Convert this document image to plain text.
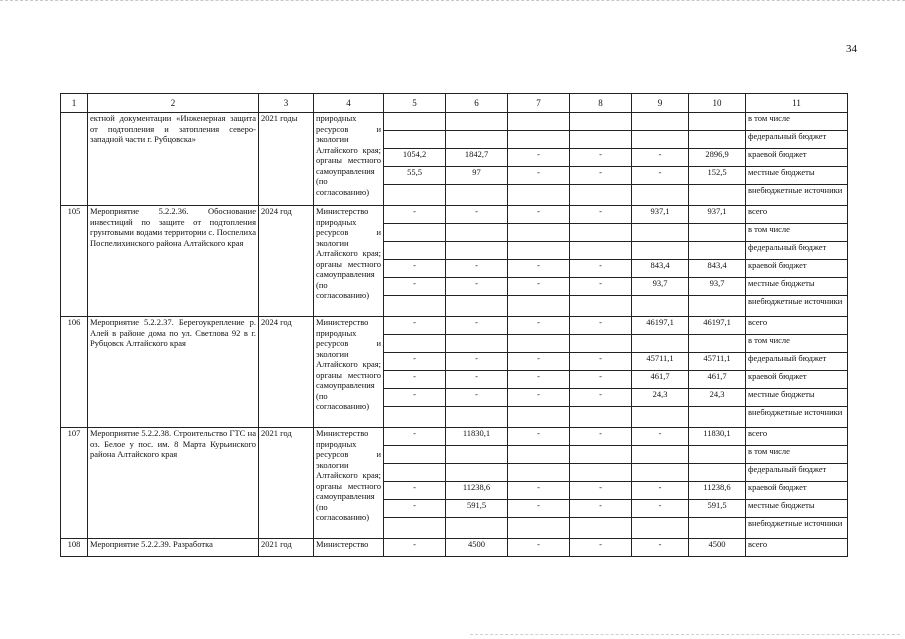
34
1	2	3	4	5	6	7	8	9	10	11
	ектной документации «Инженерная защита от подтопления и затопления северо-западной части г. Рубцовска»	2021 годы	природных ресурсов и экологии Алтайского края; органы местного самоуправления (по согласованию)							в том числе
										федеральный бюджет
				1054,2	1842,7	-	-	-	2896,9	краевой бюджет
				55,5	97	-	-	-	152,5	местные бюджеты
										внебюджетные источники
105	Мероприятие 5.2.2.36. Обоснование инвестиций по защите от подтопления грунтовыми водами территории с. Поспелиха Поспелихинского района Алтайского края	2024 год	Министерство природных ресурсов и экологии Алтайского края; органы местного самоуправления (по согласованию)	-	-	-	-	937,1	937,1	всего
										в том числе
										федеральный бюджет
				-	-	-	-	843,4	843,4	краевой бюджет
				-	-	-	-	93,7	93,7	местные бюджеты
										внебюджетные источники
106	Мероприятие 5.2.2.37. Берегоукрепление р. Алей в районе дома по ул. Светлова 92 в г. Рубцовск Алтайского края	2024 год	Министерство природных ресурсов и экологии Алтайского края; органы местного самоуправления (по согласованию)	-	-	-	-	46197,1	46197,1	всего
										в том числе
				-	-	-	-	45711,1	45711,1	федеральный бюджет
				-	-	-	-	461,7	461,7	краевой бюджет
				-	-	-	-	24,3	24,3	местные бюджеты
										внебюджетные источники
107	Мероприятие 5.2.2.38. Строительство ГТС на оз. Белое у пос. им. 8 Марта Курьинского района Алтайского края	2021 год	Министерство природных ресурсов и экологии Алтайского края; органы местного самоуправления (по согласованию)	-	11830,1	-	-	-	11830,1	всего
										в том числе
										федеральный бюджет
				-	11238,6	-	-	-	11238,6	краевой бюджет
				-	591,5	-	-	-	591,5	местные бюджеты
										внебюджетные источники
108	Мероприятие 5.2.2.39. Разработка	2021 год	Министерство	-	4500	-	-	-	4500	всего
